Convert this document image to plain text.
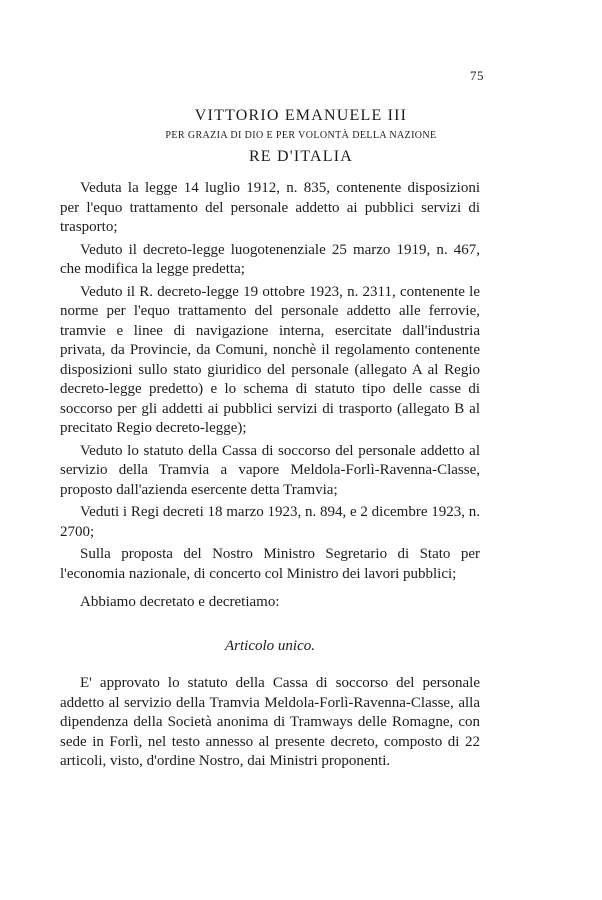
75

VITTORIO EMANUELE III

PER GRAZIA DI DIO E PER VOLONTÀ DELLA NAZIONE

RE D'ITALIA

Veduta la legge 14 luglio 1912, n. 835, contenente disposizioni per l'equo trattamento del personale addetto ai pubblici servizi di trasporto;

Veduto il decreto-legge luogotenenziale 25 marzo 1919, n. 467, che modifica la legge predetta;

Veduto il R. decreto-legge 19 ottobre 1923, n. 2311, contenente le norme per l'equo trattamento del personale addetto alle ferrovie, tramvie e linee di navigazione interna, esercitate dall'industria privata, da Provincie, da Comuni, nonchè il regolamento contenente disposizioni sullo stato giuridico del personale (allegato A al Regio decreto-legge predetto) e lo schema di statuto tipo delle casse di soccorso per gli addetti ai pubblici servizi di trasporto (allegato B al precitato Regio decreto-legge);

Veduto lo statuto della Cassa di soccorso del personale addetto al servizio della Tramvia a vapore Meldola-Forlì-Ravenna-Classe, proposto dall'azienda esercente detta Tramvia;

Veduti i Regi decreti 18 marzo 1923, n. 894, e 2 dicembre 1923, n. 2700;

Sulla proposta del Nostro Ministro Segretario di Stato per l'economia nazionale, di concerto col Ministro dei lavori pubblici;

Abbiamo decretato e decretiamo:

Articolo unico.

E' approvato lo statuto della Cassa di soccorso del personale addetto al servizio della Tramvia Meldola-Forlì-Ravenna-Classe, alla dipendenza della Società anonima di Tramways delle Romagne, con sede in Forlì, nel testo annesso al presente decreto, composto di 22 articoli, visto, d'ordine Nostro, dai Ministri proponenti.
